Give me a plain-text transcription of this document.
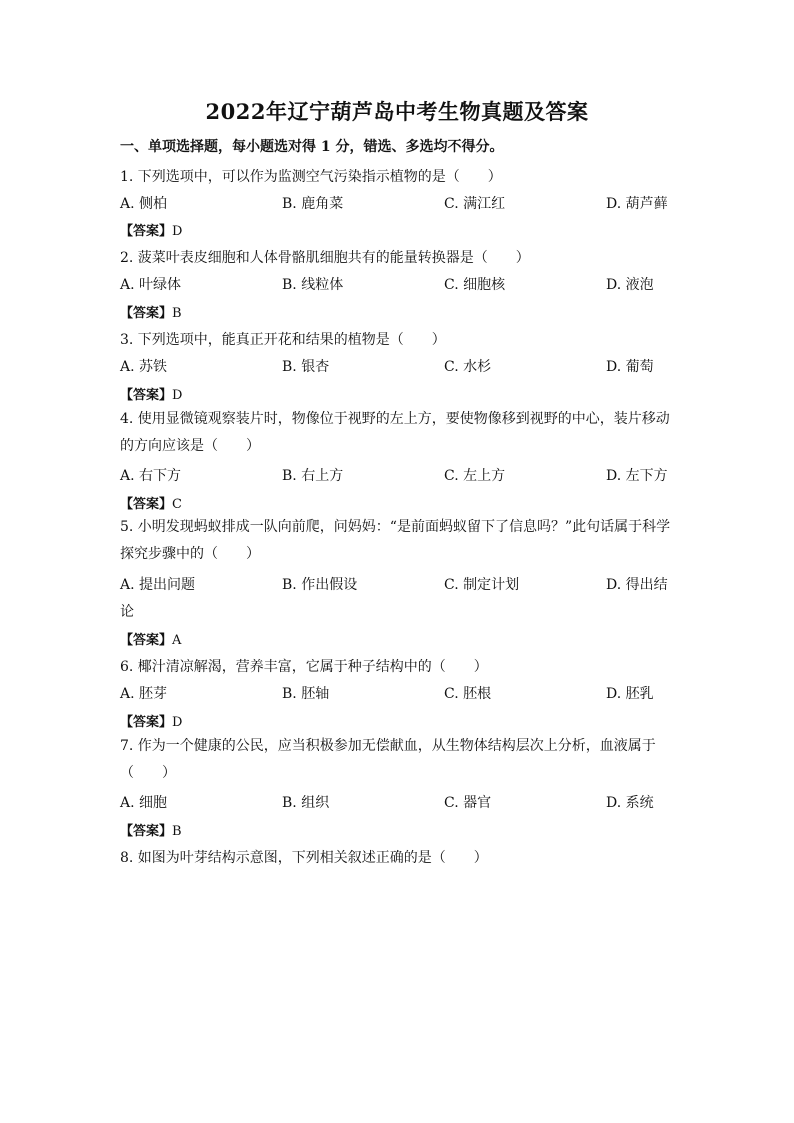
2022年辽宁葫芦岛中考生物真题及答案
一、单项选择题，每小题选对得 1 分，错选、多选均不得分。
1. 下列选项中，可以作为监测空气污染指示植物的是（　　）
A. 侧柏	B. 鹿角菜	C. 满江红	D. 葫芦藓
【答案】D
2. 菠菜叶表皮细胞和人体骨骼肌细胞共有的能量转换器是（　　）
A. 叶绿体	B. 线粒体	C. 细胞核	D. 液泡
【答案】B
3. 下列选项中，能真正开花和结果的植物是（　　）
A. 苏铁	B. 银杏	C. 水杉	D. 葡萄
【答案】D
4. 使用显微镜观察装片时，物像位于视野的左上方，要使物像移到视野的中心，装片移动的方向应该是（　　）
A. 右下方	B. 右上方	C. 左上方	D. 左下方
【答案】C
5. 小明发现蚂蚁排成一队向前爬，问妈妈：“是前面蚂蚁留下了信息吗？”此句话属于科学探究步骤中的（　　）
A. 提出问题	B. 作出假设	C. 制定计划	D. 得出结
论
【答案】A
6. 椰汁清凉解渴，营养丰富，它属于种子结构中的（　　）
A. 胚芽	B. 胚轴	C. 胚根	D. 胚乳
【答案】D
7. 作为一个健康的公民，应当积极参加无偿献血，从生物体结构层次上分析，血液属于（　　）
A. 细胞	B. 组织	C. 器官	D. 系统
【答案】B
8. 如图为叶芽结构示意图，下列相关叙述正确的是（　　）
